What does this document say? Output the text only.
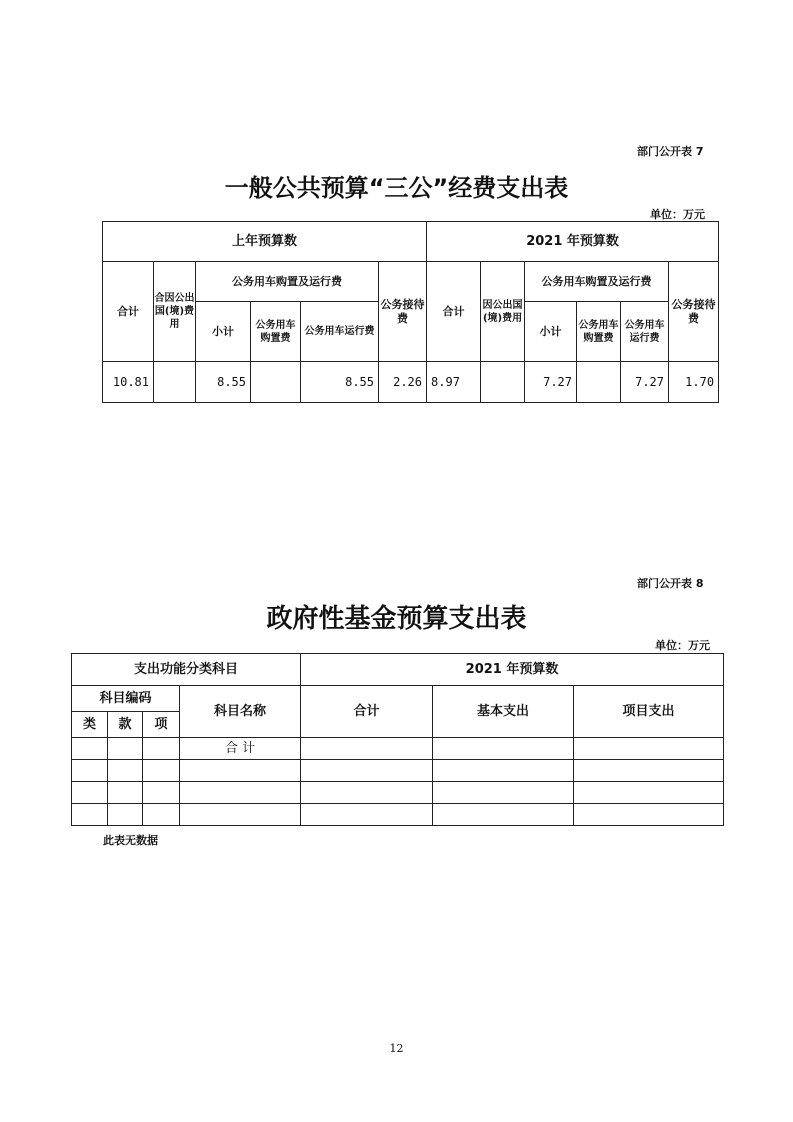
部门公开表 7
一般公共预算“三公”经费支出表
单位：万元
上年预算数						2021 年预算数					
合计	合因公出国(境)费用	公务用车购置及运行费			公务接待费	合计	因公出国(境)费用	公务用车购置及运行费			公务接待费
		小计	公务用车购置费	公务用车运行费				小计	公务用车购置费	公务用车运行费	
10.81		8.55		8.55	2.26	8.97		7.27		7.27	1.70
部门公开表 8
政府性基金预算支出表
单位：万元
支出功能分类科目				2021 年预算数		
科目编码			科目名称	合计	基本支出	项目支出
类	款	项				
			合 计			

此表无数据
12
